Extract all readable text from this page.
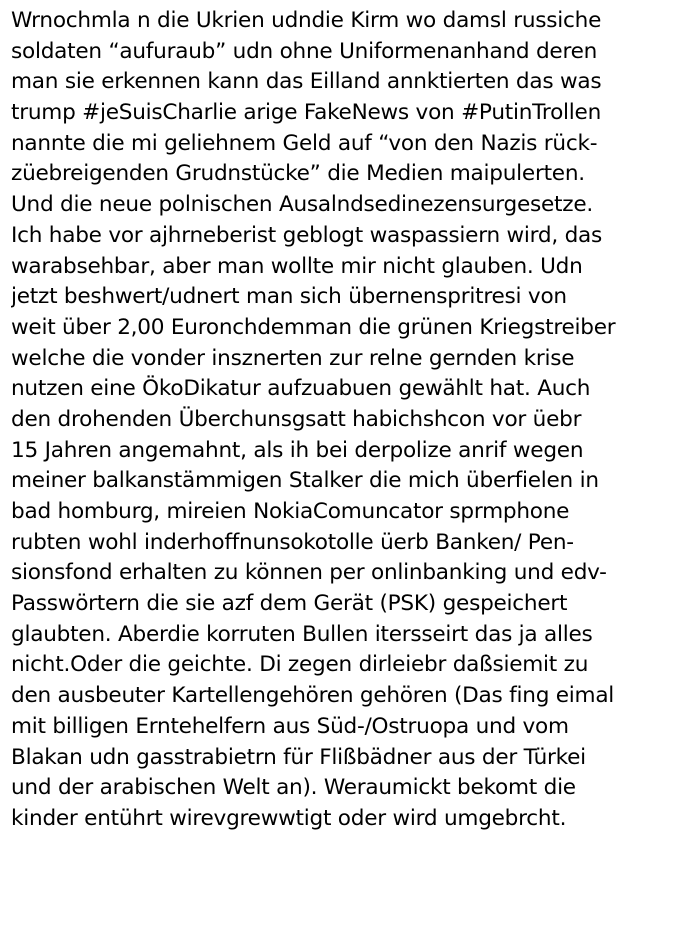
Wrnochmla n die Ukrien udndie Kirm wo damsl russiche
soldaten “aufuraub” udn ohne Uniformenanhand deren
man sie erkennen kann das Eilland annktierten das was
trump #jeSuisCharlie arige FakeNews von #PutinTrollen
nannte die mi geliehnem Geld auf “von den Nazis rück-
züebreigenden Grudnstücke” die Medien maipulerten.
Und die neue polnischen Ausalndsedinezensurgesetze.
Ich habe vor ajhrneberist geblogt waspassiern wird, das
warabsehbar, aber man wollte mir nicht glauben. Udn
jetzt beshwert/udnert man sich übernenspritresi von
weit über 2,00 Euronchdemman die grünen Kriegstreiber
welche die vonder insznerten zur relne gernden krise
nutzen eine ÖkoDikatur aufzuabuen gewählt hat. Auch
den drohenden Überchunsgsatt habichshcon vor üebr
15 Jahren angemahnt, als ih bei derpolize anrif wegen
meiner balkanstämmigen Stalker die mich überfielen in
bad homburg, mireien NokiaComuncator sprmphone
rubten wohl inderhoffnunsokotolle üerb Banken/ Pen-
sionsfond erhalten zu können per onlinbanking und edv-
Passwörtern die sie azf dem Gerät (PSK) gespeichert
glaubten. Aberdie korruten Bullen itersseirt das ja alles
nicht.Oder die geichte. Di zegen dirleiebr daßsiemit zu
den ausbeuter Kartellengehören gehören (Das fing eimal
mit billigen Erntehelfern aus Süd-/Ostruopa und vom
Blakan udn gasstrabietrn für Flißbädner aus der Türkei
und der arabischen Welt an). Weraumickt bekomt die
kinder entührt wirevgrewwtigt oder wird umgebrcht.
